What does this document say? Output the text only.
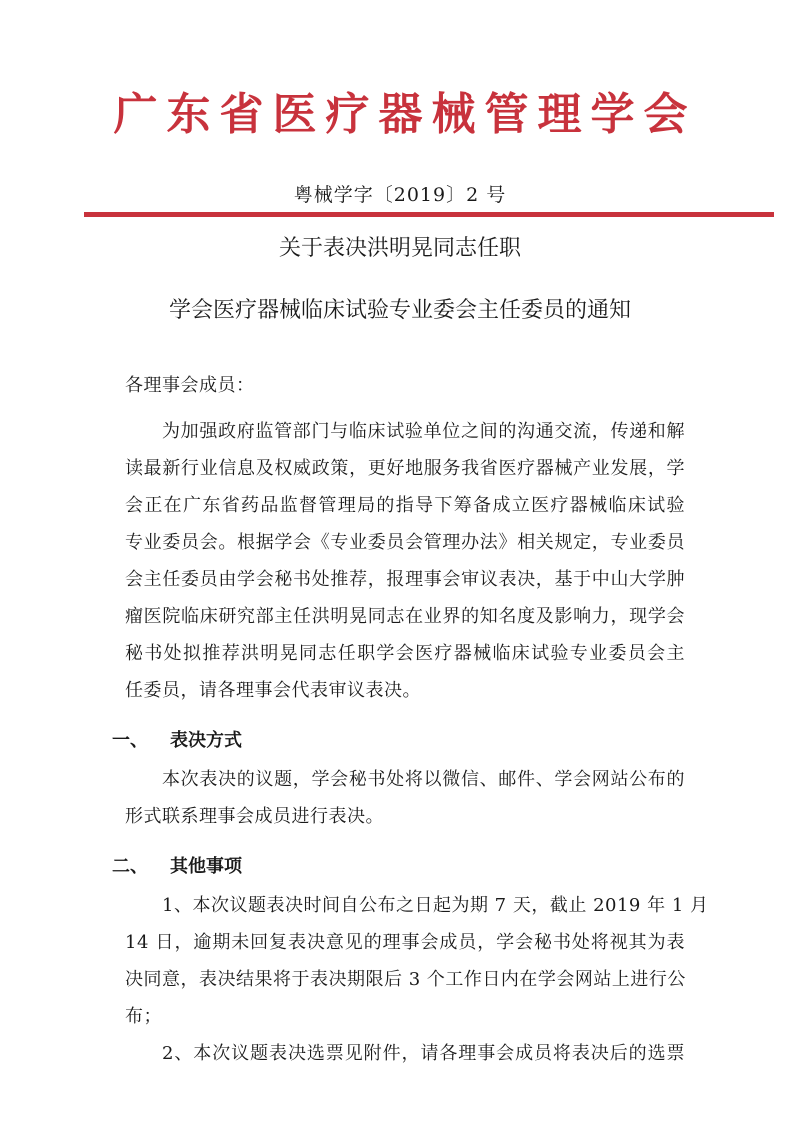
广东省医疗器械管理学会
粤械学字〔2019〕2 号
关于表决洪明晃同志任职
学会医疗器械临床试验专业委会主任委员的通知
各理事会成员：
为加强政府监管部门与临床试验单位之间的沟通交流，传递和解
读最新行业信息及权威政策，更好地服务我省医疗器械产业发展，学
会正在广东省药品监督管理局的指导下筹备成立医疗器械临床试验
专业委员会。根据学会《专业委员会管理办法》相关规定，专业委员
会主任委员由学会秘书处推荐，报理事会审议表决，基于中山大学肿
瘤医院临床研究部主任洪明晃同志在业界的知名度及影响力，现学会
秘书处拟推荐洪明晃同志任职学会医疗器械临床试验专业委员会主
任委员，请各理事会代表审议表决。
一、 表决方式
本次表决的议题，学会秘书处将以微信、邮件、学会网站公布的
形式联系理事会成员进行表决。
二、 其他事项
1、本次议题表决时间自公布之日起为期 7 天，截止 2019 年 1 月
14 日，逾期未回复表决意见的理事会成员，学会秘书处将视其为表
决同意，表决结果将于表决期限后 3 个工作日内在学会网站上进行公
布；
2、本次议题表决选票见附件，请各理事会成员将表决后的选票
